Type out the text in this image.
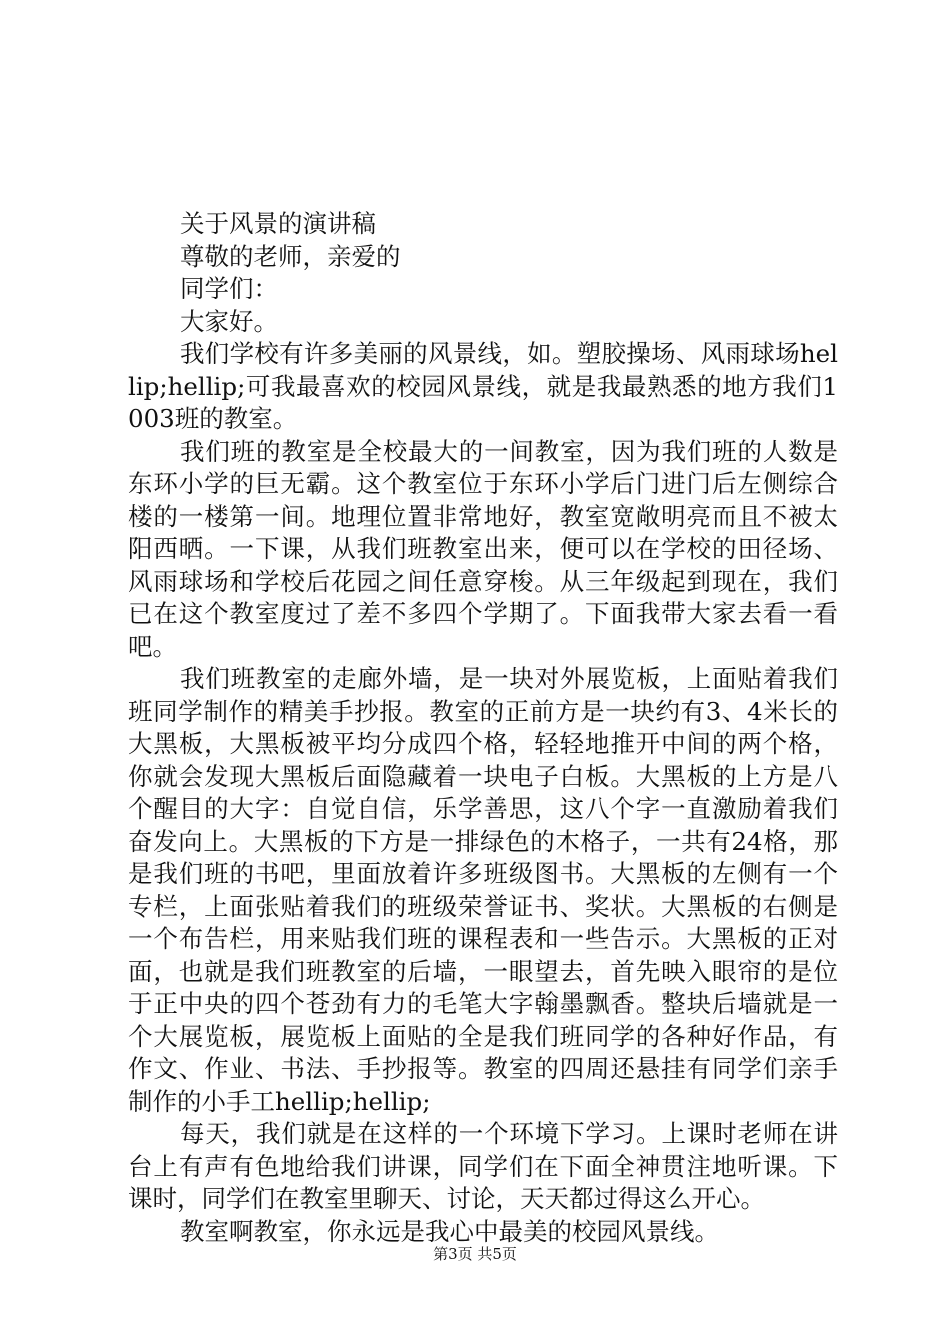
关于风景的演讲稿

尊敬的老师，亲爱的

同学们：

大家好。

我们学校有许多美丽的风景线，如。塑胶操场、风雨球场hellip;hellip;可我最喜欢的校园风景线，就是我最熟悉的地方我们1003班的教室。

我们班的教室是全校最大的一间教室，因为我们班的人数是东环小学的巨无霸。这个教室位于东环小学后门进门后左侧综合楼的一楼第一间。地理位置非常地好，教室宽敞明亮而且不被太阳西晒。一下课，从我们班教室出来，便可以在学校的田径场、风雨球场和学校后花园之间任意穿梭。从三年级起到现在，我们已在这个教室度过了差不多四个学期了。下面我带大家去看一看吧。

我们班教室的走廊外墙，是一块对外展览板，上面贴着我们班同学制作的精美手抄报。教室的正前方是一块约有3、4米长的大黑板，大黑板被平均分成四个格，轻轻地推开中间的两个格，你就会发现大黑板后面隐藏着一块电子白板。大黑板的上方是八个醒目的大字：自觉自信，乐学善思，这八个字一直激励着我们奋发向上。大黑板的下方是一排绿色的木格子，一共有24格，那是我们班的书吧，里面放着许多班级图书。大黑板的左侧有一个专栏，上面张贴着我们的班级荣誉证书、奖状。大黑板的右侧是一个布告栏，用来贴我们班的课程表和一些告示。大黑板的正对面，也就是我们班教室的后墙，一眼望去，首先映入眼帘的是位于正中央的四个苍劲有力的毛笔大字翰墨飘香。整块后墙就是一个大展览板，展览板上面贴的全是我们班同学的各种好作品，有作文、作业、书法、手抄报等。教室的四周还悬挂有同学们亲手制作的小手工hellip;hellip;

每天，我们就是在这样的一个环境下学习。上课时老师在讲台上有声有色地给我们讲课，同学们在下面全神贯注地听课。下课时，同学们在教室里聊天、讨论，天天都过得这么开心。

教室啊教室，你永远是我心中最美的校园风景线。

第3页 共5页
